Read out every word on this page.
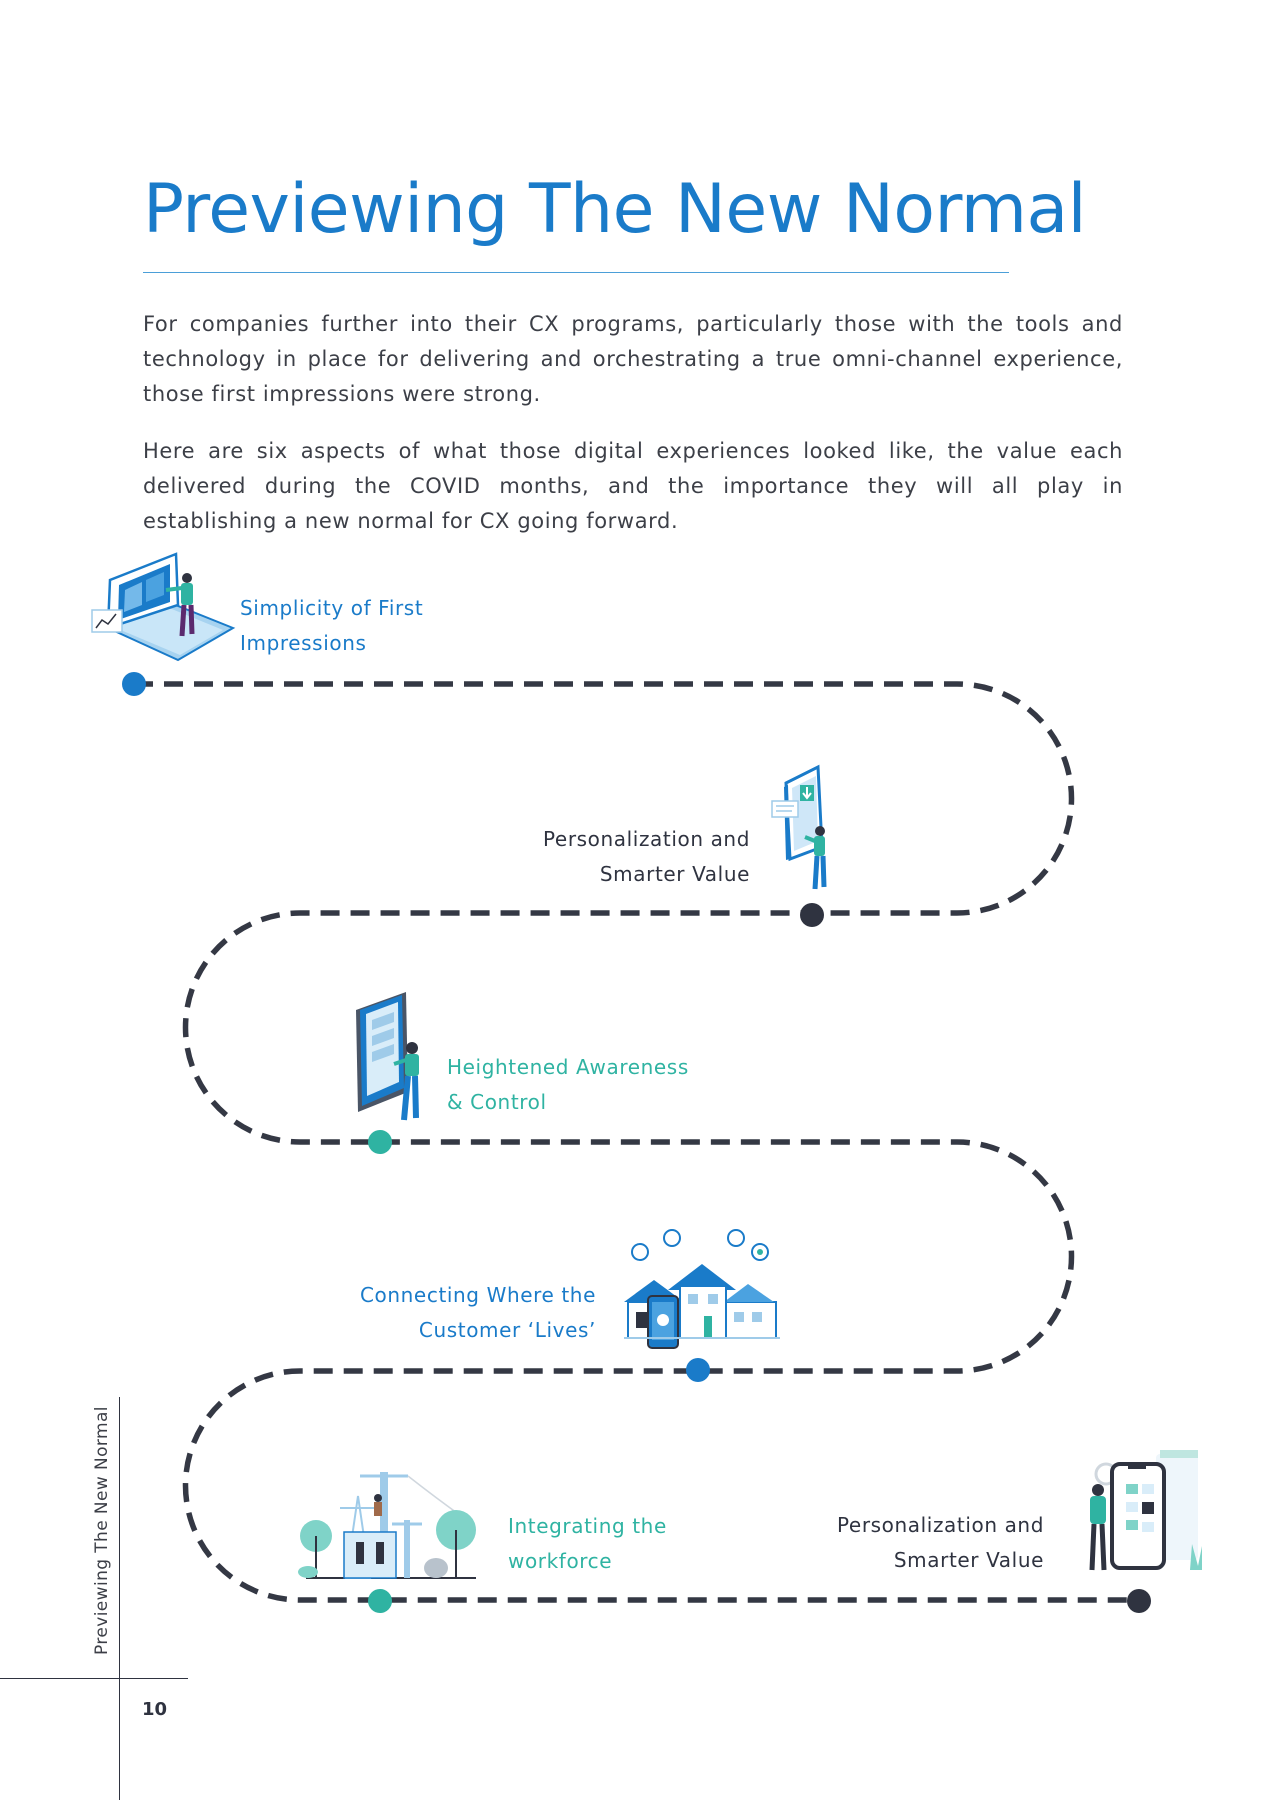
Previewing The New Normal

For companies further into their CX programs, particularly those with the tools and technology in place for delivering and orchestrating a true omni-channel experience, those first impressions were strong.

Here are six aspects of what those digital experiences looked like, the value each delivered during the COVID months, and the importance they will all play in establishing a new normal for CX going forward.

Simplicity of First
Impressions
Personalization and
Smarter Value
Heightened Awareness
& Control
Connecting Where the
Customer ‘Lives’
Integrating the
workforce
Personalization and
Smarter Value
Previewing The New Normal
10
